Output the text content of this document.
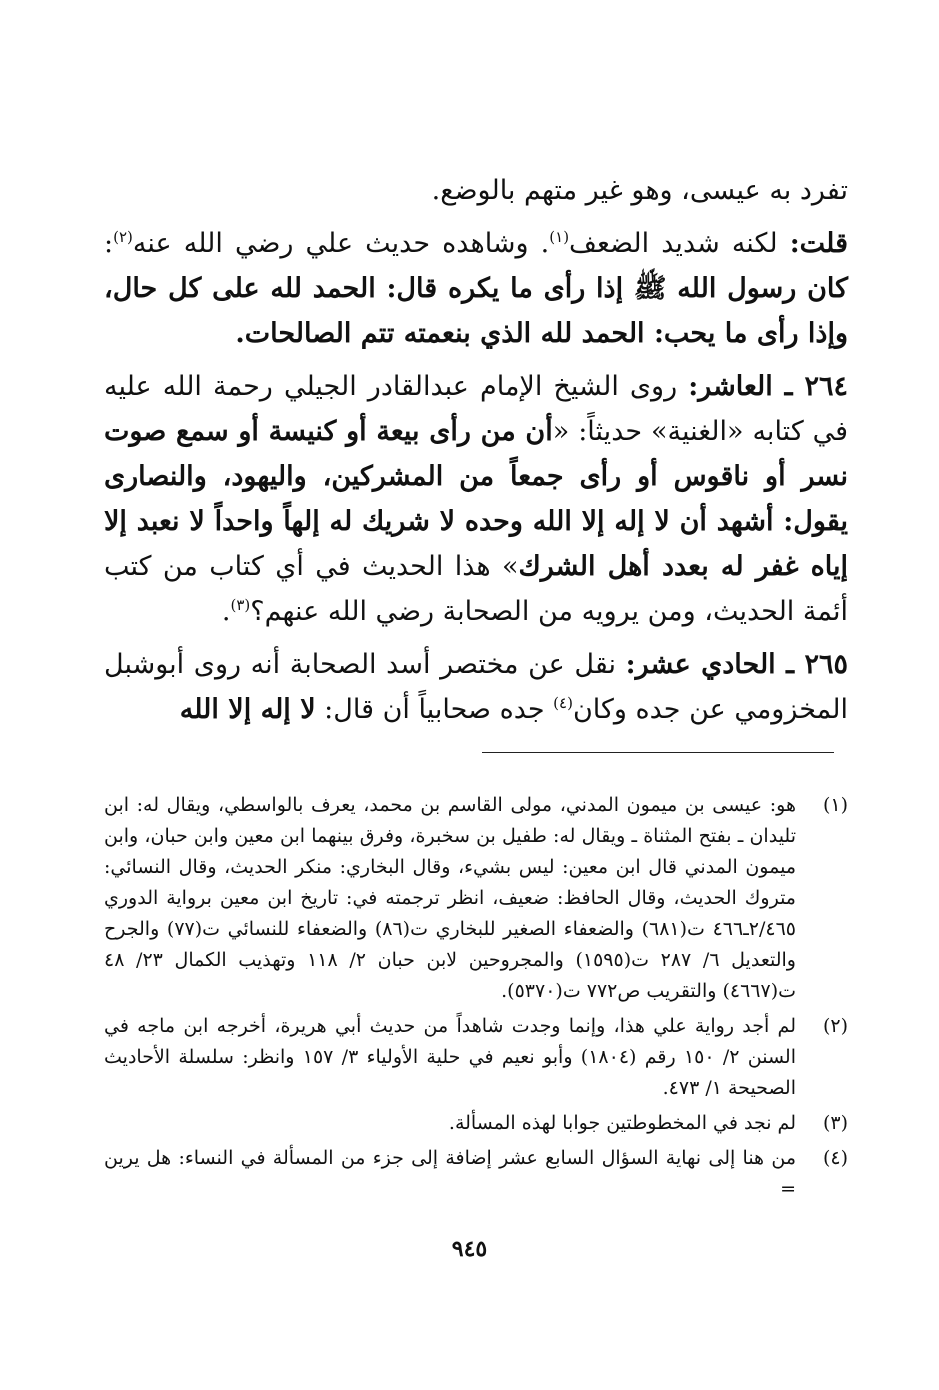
تفرد به عيسى، وهو غير متهم بالوضع.

قلت: لكنه شديد الضعف$^{(١)}$. وشاهده حديث علي رضي الله عنه$^{(٢)}$: كان رسول الله ﷺ إذا رأى ما يكره قال: الحمد لله على كل حال، وإذا رأى ما يحب: الحمد لله الذي بنعمته تتم الصالحات.

٢٦٤ ـ العاشر: روى الشيخ الإمام عبدالقادر الجيلي رحمة الله عليه في كتابه «الغنية» حديثاً: «أن من رأى بيعة أو كنيسة أو سمع صوت نسر أو ناقوس أو رأى جمعاً من المشركين، واليهود، والنصارى يقول: أشهد أن لا إله إلا الله وحده لا شريك له إلهاً واحداً لا نعبد إلا إياه غفر له بعدد أهل الشرك» هذا الحديث في أي كتاب من كتب أئمة الحديث، ومن يرويه من الصحابة رضي الله عنهم؟$^{(٣)}$.

٢٦٥ ـ الحادي عشر: نقل عن مختصر أسد الصحابة أنه روى أبوشبل المخزومي عن جده وكان$^{(٤)}$ جده صحابياً أن قال: لا إله إلا الله

(١)
هو: عيسى بن ميمون المدني، مولى القاسم بن محمد، يعرف بالواسطي، ويقال له: ابن تليدان ـ بفتح المثناة ـ ويقال له: طفيل بن سخبرة، وفرق بينهما ابن معين وابن حبان، وابن ميمون المدني قال ابن معين: ليس بشيء، وقال البخاري: منكر الحديث، وقال النسائي: متروك الحديث، وقال الحافظ: ضعيف، انظر ترجمته في: تاريخ ابن معين برواية الدوري ٢/٤٦٥ـ٤٦٦ ت(٦٨١) والضعفاء الصغير للبخاري ت(٨٦) والضعفاء للنسائي ت(٧٧) والجرح والتعديل ٦/ ٢٨٧ ت(١٥٩٥) والمجروحين لابن حبان ٢/ ١١٨ وتهذيب الكمال ٢٣/ ٤٨ ت(٤٦٦٧) والتقريب ص٧٧٢ ت(٥٣٧٠).
(٢)
لم أجد رواية علي هذا، وإنما وجدت شاهداً من حديث أبي هريرة، أخرجه ابن ماجه في السنن ٢/ ١٥٠ رقم (١٨٠٤) وأبو نعيم في حلية الأولياء ٣/ ١٥٧ وانظر: سلسلة الأحاديث الصحيحة ١/ ٤٧٣.
(٣)
لم نجد في المخطوطتين جوابا لهذه المسألة.
(٤)
من هنا إلى نهاية السؤال السابع عشر إضافة إلى جزء من المسألة في النساء: هل يرين =
٩٤٥
